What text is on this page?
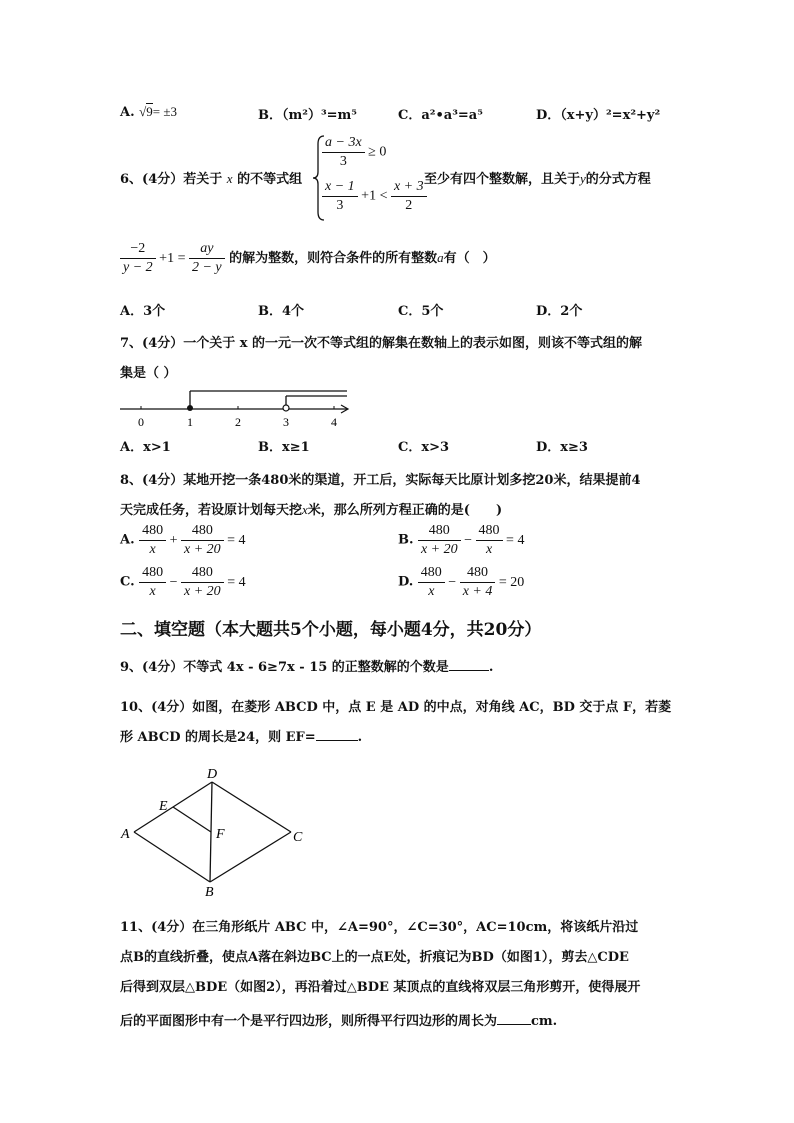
A. √9= ±3	B．（m²）³=m⁵	C．a²•a³=a⁵	D．（x+y）²=x²+y²
6、(4分）若关于 x 的不等式组
$\frac{a - 3x}{3} \ge 0$
$\frac{x - 1}{3} +1 < \frac{x + 3}{2}$
至少有四个整数解，且关于y的分式方程
$\frac{-2}{y - 2} +1 = \frac{ay}{2 - y}$ 的解为整数，则符合条件的所有整数a有（　）
A．3个	B．4个	C．5个	D．2个
7、(4分）一个关于 x 的一元一次不等式组的解集在数轴上的表示如图，则该不等式组的解
集是（ ）
0	1	2	3	4
A．x>1	B．x≥1	C．x>3	D．x≥3
8、(4分）某地开挖一条480米的渠道，开工后，实际每天比原计划多挖20米，结果提前4
天完成任务，若设原计划每天挖x米，那么所列方程正确的是(　　)
A. $\frac{480}{x} + \frac{480}{x + 20} = 4$	B. $\frac{480}{x + 20} - \frac{480}{x} = 4$
C. $\frac{480}{x} - \frac{480}{x + 20} = 4$	D. $\frac{480}{x} - \frac{480}{x + 4} = 20$
二、填空题（本大题共5个小题，每小题4分，共20分）
9、(4分）不等式 4x - 6≥7x - 15 的正整数解的个数是	.
10、(4分）如图，在菱形 ABCD 中，点 E 是 AD 的中点，对角线 AC，BD 交于点 F，若菱
形 ABCD 的周长是24，则 EF=	.
A
D
C
B
E
F
11、(4分）在三角形纸片 ABC 中，∠A=90°，∠C=30°，AC=10cm，将该纸片沿过
点B的直线折叠，使点A落在斜边BC上的一点E处，折痕记为BD（如图1），剪去△CDE
后得到双层△BDE（如图2），再沿着过△BDE 某顶点的直线将双层三角形剪开，使得展开
后的平面图形中有一个是平行四边形，则所得平行四边形的周长为	cm.
